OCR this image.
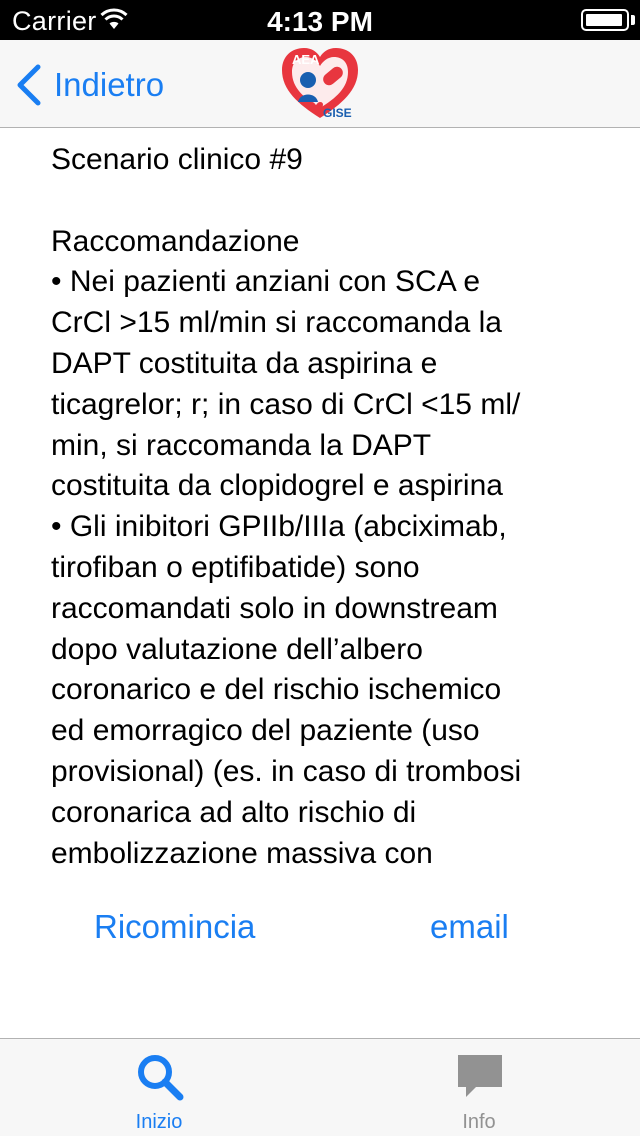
Carrier	4:13 PM
Indietro
AEA
GISE

Scenario clinico #9

Raccomandazione

• Nei pazienti anziani con SCA e

CrCl >15 ml/min si raccomanda la

DAPT costituita da aspirina e

ticagrelor; r; in caso di CrCl <15 ml/

min, si raccomanda la DAPT

costituita da clopidogrel e aspirina

• Gli inibitori GPIIb/IIIa (abciximab,

tirofiban o eptifibatide) sono

raccomandati solo in downstream

dopo valutazione dell’albero

coronarico e del rischio ischemico

ed emorragico del paziente (uso

provisional) (es. in caso di trombosi

coronarica ad alto rischio di

embolizzazione massiva con

Ricomincia	email
Inizio	Info
